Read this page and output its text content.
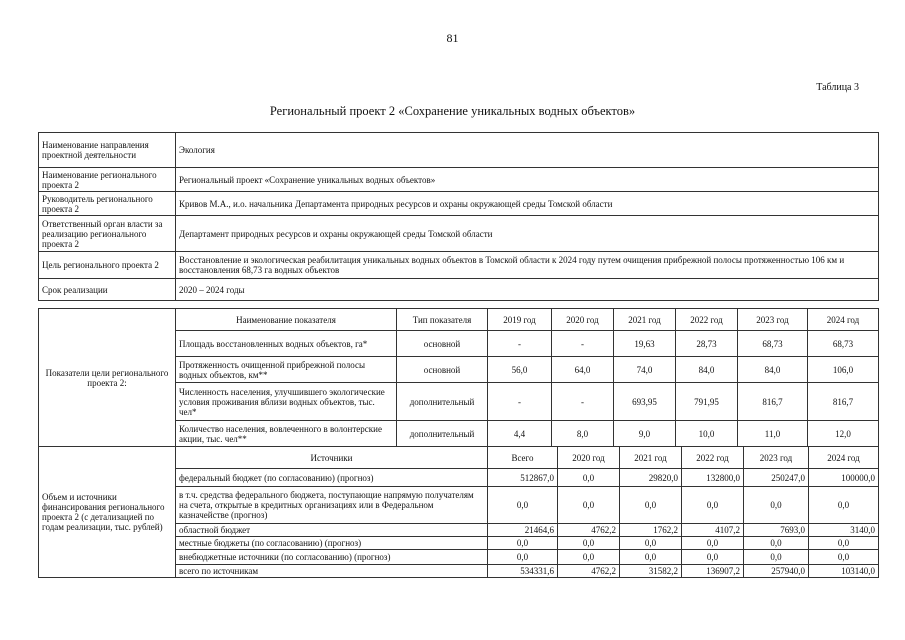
81
Таблица 3
Региональный проект 2 «Сохранение уникальных водных объектов»
Наименование направления проектной деятельности	Экология
Наименование регионального проекта 2	Региональный проект «Сохранение уникальных водных объектов»
Руководитель регионального проекта 2	Кривов М.А., и.о. начальника Департамента природных ресурсов и охраны окружающей среды Томской области
Ответственный орган власти за реализацию регионального проекта 2	Департамент природных ресурсов и охраны окружающей среды Томской области
Цель регионального проекта 2	Восстановление и экологическая реабилитация уникальных водных объектов в Томской области к 2024 году путем очищения прибрежной полосы протяженностью 106 км и восстановления 68,73 га водных объектов
Срок реализации	2020 – 2024 годы
Показатели цели регионального проекта 2:	Наименование показателя	Тип показателя	2019 год	2020 год	2021 год	2022 год	2023 год	2024 год
	Площадь восстановленных водных объектов, га*	основной	-	-	19,63	28,73	68,73	68,73
	Протяженность очищенной прибрежной полосы водных объектов, км**	основной	56,0	64,0	74,0	84,0	84,0	106,0
	Численность населения, улучшившего экологические условия проживания вблизи водных объектов, тыс. чел*	дополнительный	-	-	693,95	791,95	816,7	816,7
	Количество населения, вовлеченного в волонтерские акции, тыс. чел**	дополнительный	4,4	8,0	9,0	10,0	11,0	12,0
Объем и источники финансирования регионального проекта 2 (с детализацией по годам реализации, тыс. рублей)	Источники	Всего	2020 год	2021 год	2022 год	2023 год	2024 год
	федеральный бюджет (по согласованию) (прогноз)	512867,0	0,0	29820,0	132800,0	250247,0	100000,0
	в т.ч. средства федерального бюджета, поступающие напрямую получателям на счета, открытые в кредитных организациях или в Федеральном казначействе (прогноз)	0,0	0,0	0,0	0,0	0,0	0,0
	областной бюджет	21464,6	4762,2	1762,2	4107,2	7693,0	3140,0
	местные бюджеты (по согласованию) (прогноз)	0,0	0,0	0,0	0,0	0,0	0,0
	внебюджетные источники (по согласованию) (прогноз)	0,0	0,0	0,0	0,0	0,0	0,0
	всего по источникам	534331,6	4762,2	31582,2	136907,2	257940,0	103140,0
